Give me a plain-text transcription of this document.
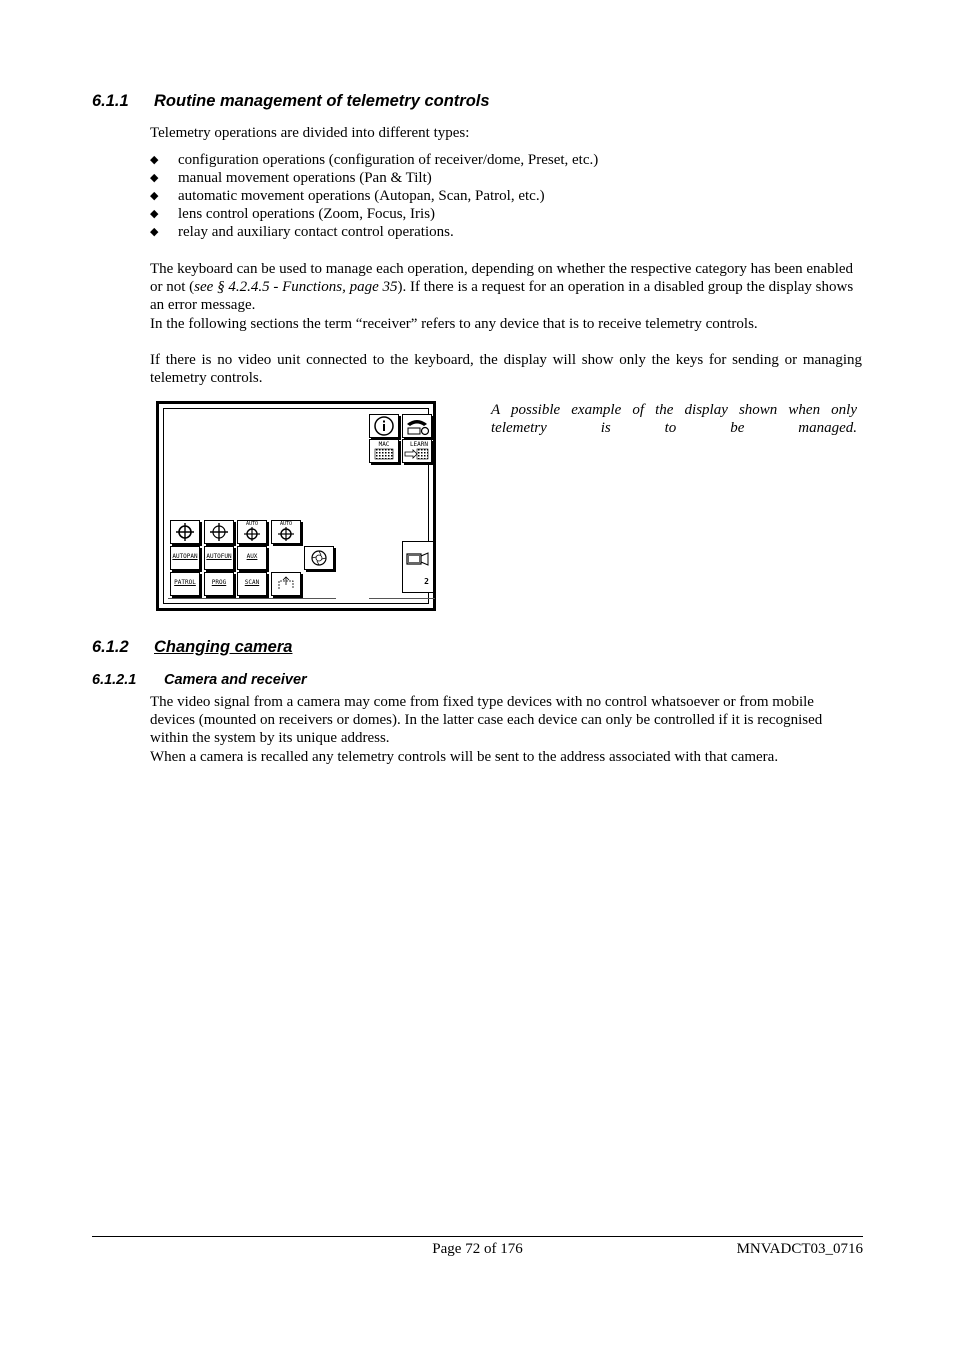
6.1.1 Routine management of telemetry controls

Telemetry operations are divided into different types:

◆ configuration operations (configuration of receiver/dome, Preset, etc.)
◆ manual movement operations (Pan & Tilt)
◆ automatic movement operations (Autopan, Scan, Patrol, etc.)
◆ lens control operations (Zoom, Focus, Iris)
◆ relay and auxiliary contact control operations.

The keyboard can be used to manage each operation, depending on whether the respective category has been enabled or not (see § 4.2.4.5 - Functions, page 35). If there is a request for an operation in a disabled group the display shows an error message.

In the following sections the term “receiver” refers to any device that is to receive telemetry controls.

If there is no video unit connected to the keyboard, the display will show only the keys for sending or managing telemetry controls.

MAC	LEARN
AUTO	AUTO
AUTOPAN AUTOFUN	AUX
PATROL	PROG	SCAN	2

A possible example of the display shown when only telemetry is to be managed.

6.1.2 Changing camera
6.1.2.1 Camera and receiver

The video signal from a camera may come from fixed type devices with no control whatsoever or from mobile devices (mounted on receivers or domes). In the latter case each device can only be controlled if it is recognised within the system by its unique address.

When a camera is recalled any telemetry controls will be sent to the address associated with that camera.

Page 72 of 176	MNVADCT03_0716
